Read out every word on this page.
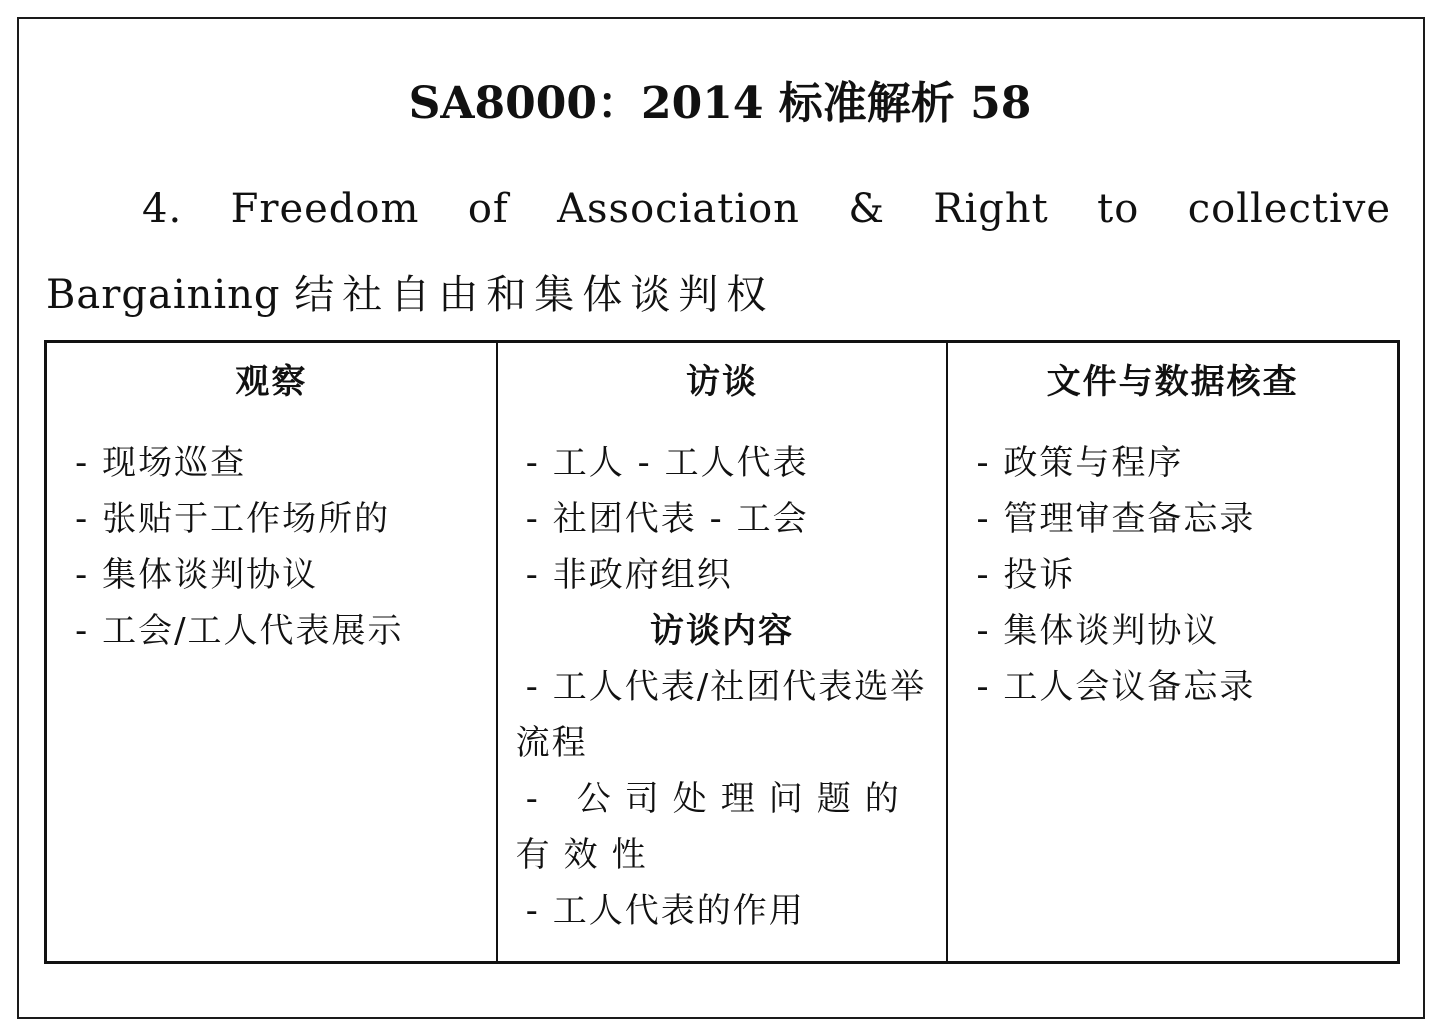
SA8000：2014 标准解析 58
4. Freedom of Association & Right to collective Bargaining 结社自由和集体谈判权
观察
- 现场巡查
- 张贴于工作场所的
- 集体谈判协议
- 工会/工人代表展示
访谈
- 工人 - 工人代表
- 社团代表 - 工会
- 非政府组织
访谈内容
- 工人代表/社团代表选举流程
- 公司处理问题的有效性
- 工人代表的作用
文件与数据核查
- 政策与程序
- 管理审查备忘录
- 投诉
- 集体谈判协议
- 工人会议备忘录
